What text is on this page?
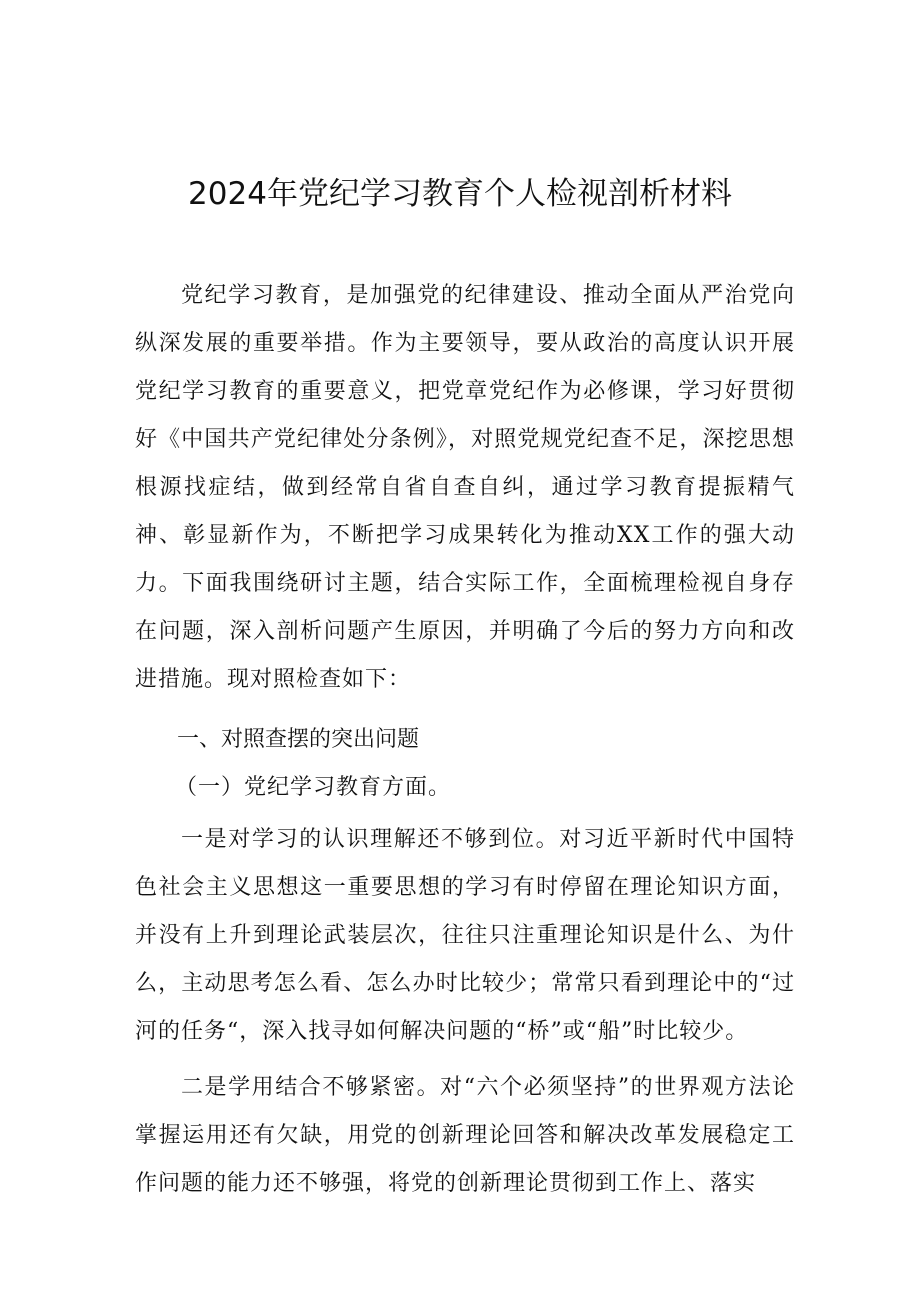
2024年党纪学习教育个人检视剖析材料

党纪学习教育，是加强党的纪律建设、推动全面从严治党向纵深发展的重要举措。作为主要领导，要从政治的高度认识开展党纪学习教育的重要意义，把党章党纪作为必修课，学习好贯彻好《中国共产党纪律处分条例》，对照党规党纪查不足，深挖思想根源找症结，做到经常自省自查自纠，通过学习教育提振精气神、彰显新作为，不断把学习成果转化为推动XX工作的强大动力。下面我围绕研讨主题，结合实际工作，全面梳理检视自身存在问题，深入剖析问题产生原因，并明确了今后的努力方向和改进措施。现对照检查如下：

一、对照查摆的突出问题

（一）党纪学习教育方面。

一是对学习的认识理解还不够到位。对习近平新时代中国特色社会主义思想这一重要思想的学习有时停留在理论知识方面，并没有上升到理论武装层次，往往只注重理论知识是什么、为什么，主动思考怎么看、怎么办时比较少；常常只看到理论中的“过河的任务“，深入找寻如何解决问题的“桥”或“船”时比较少。

二是学用结合不够紧密。对“六个必须坚持”的世界观方法论掌握运用还有欠缺，用党的创新理论回答和解决改革发展稳定工作问题的能力还不够强，将党的创新理论贯彻到工作上、落实
